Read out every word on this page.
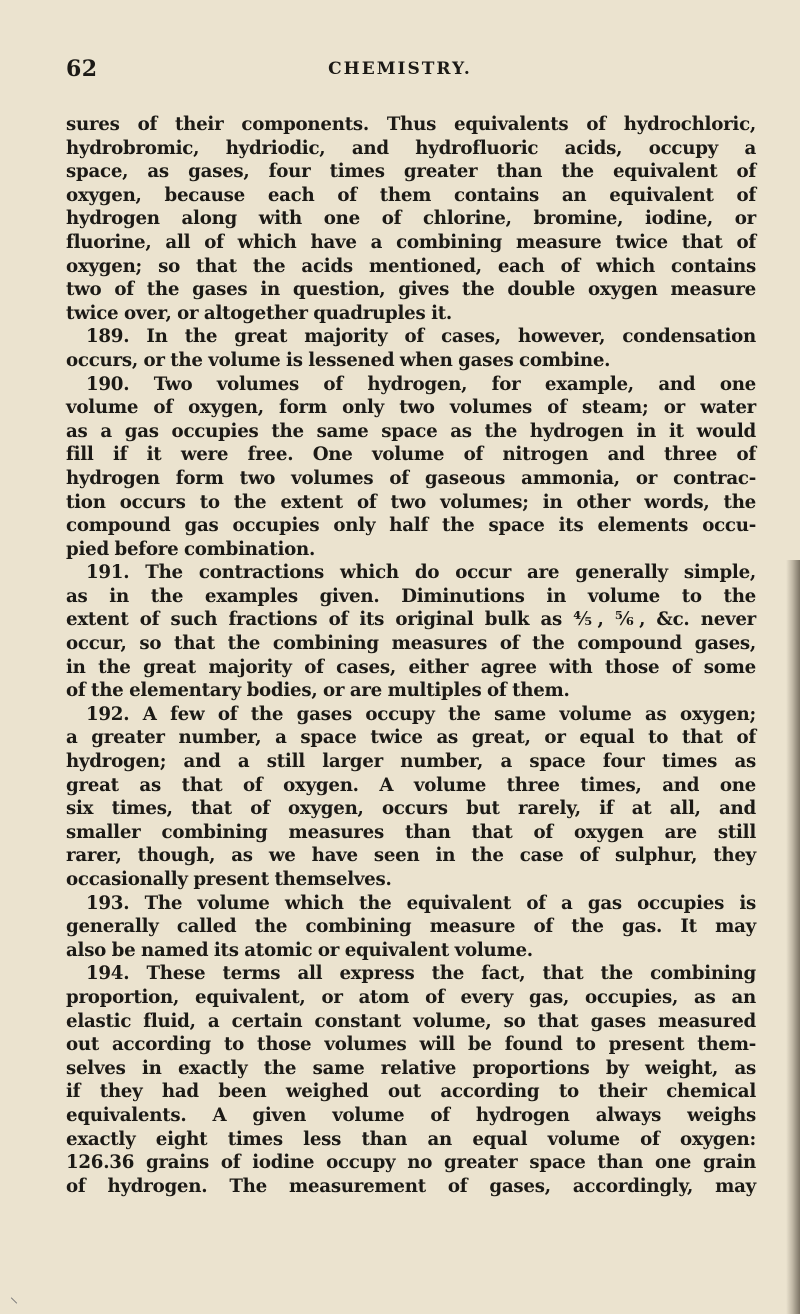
62	CHEMISTRY.
sures of their components. Thus equivalents of hydrochloric,
hydrobromic, hydriodic, and hydrofluoric acids, occupy a
space, as gases, four times greater than the equivalent of
oxygen, because each of them contains an equivalent of
hydrogen along with one of chlorine, bromine, iodine, or
fluorine, all of which have a combining measure twice that of
oxygen; so that the acids mentioned, each of which contains
two of the gases in question, gives the double oxygen measure
twice over, or altogether quadruples it.
189. In the great majority of cases, however, condensation
occurs, or the volume is lessened when gases combine.
190. Two volumes of hydrogen, for example, and one
volume of oxygen, form only two volumes of steam; or water
as a gas occupies the same space as the hydrogen in it would
fill if it were free. One volume of nitrogen and three of
hydrogen form two volumes of gaseous ammonia, or contrac-
tion occurs to the extent of two volumes; in other words, the
compound gas occupies only half the space its elements occu-
pied before combination.
191. The contractions which do occur are generally simple,
as in the examples given. Diminutions in volume to the
extent of such fractions of its original bulk as ⅘, ⅚, &c. never
occur, so that the combining measures of the compound gases,
in the great majority of cases, either agree with those of some
of the elementary bodies, or are multiples of them.
192. A few of the gases occupy the same volume as oxygen;
a greater number, a space twice as great, or equal to that of
hydrogen; and a still larger number, a space four times as
great as that of oxygen. A volume three times, and one
six times, that of oxygen, occurs but rarely, if at all, and
smaller combining measures than that of oxygen are still
rarer, though, as we have seen in the case of sulphur, they
occasionally present themselves.
193. The volume which the equivalent of a gas occupies is
generally called the combining measure of the gas. It may
also be named its atomic or equivalent volume.
194. These terms all express the fact, that the combining
proportion, equivalent, or atom of every gas, occupies, as an
elastic fluid, a certain constant volume, so that gases measured
out according to those volumes will be found to present them-
selves in exactly the same relative proportions by weight, as
if they had been weighed out according to their chemical
equivalents. A given volume of hydrogen always weighs
exactly eight times less than an equal volume of oxygen:
126.36 grains of iodine occupy no greater space than one grain
of hydrogen. The measurement of gases, accordingly, may
